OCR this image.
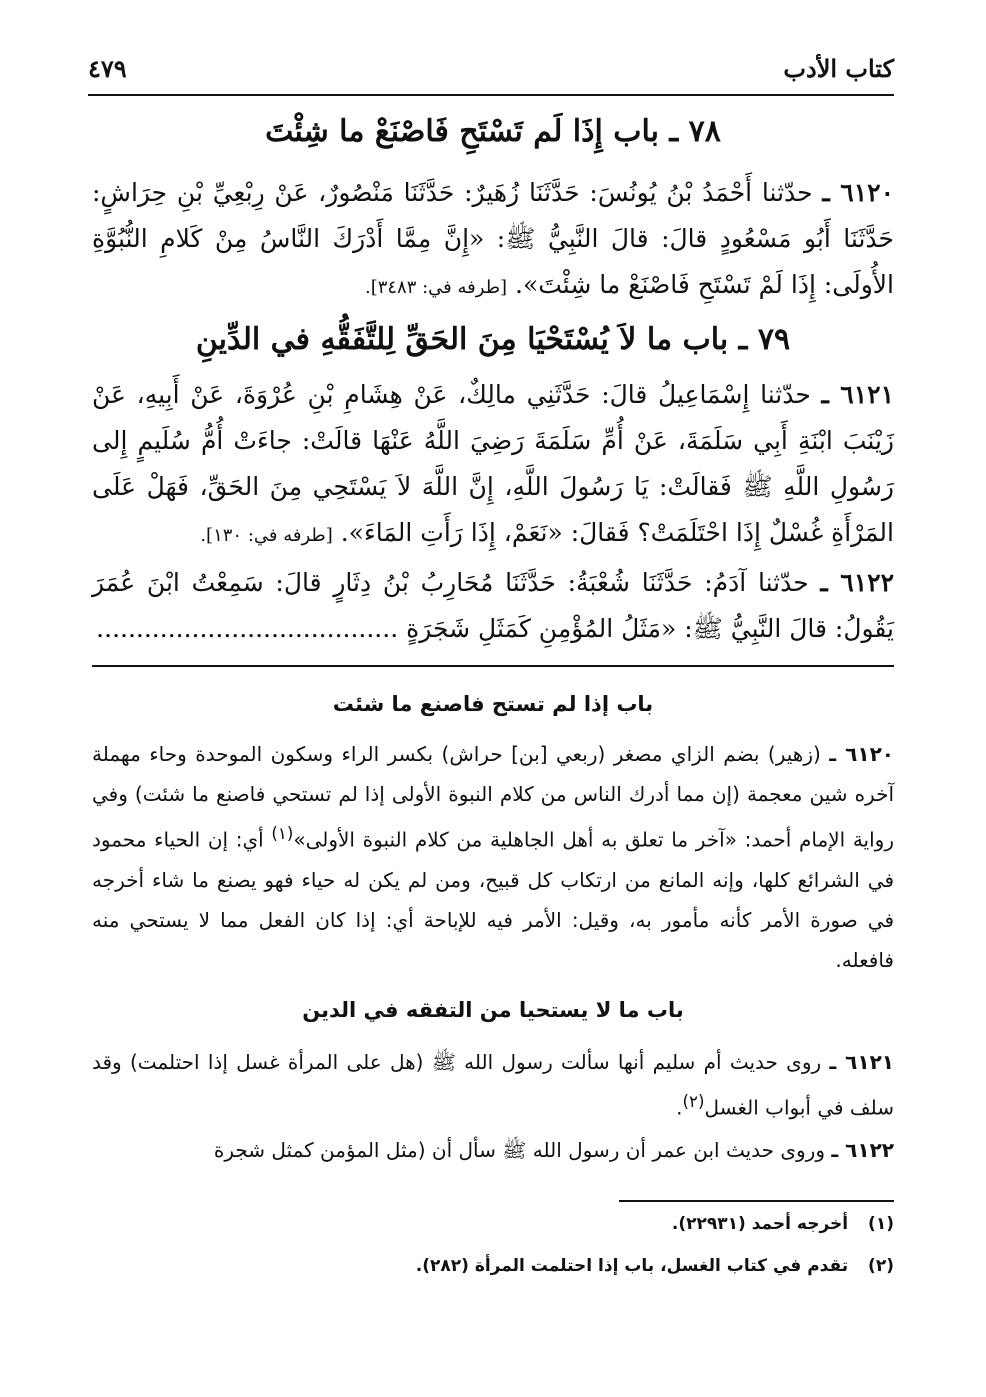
كتاب الأدب
٤٧٩
٧٨ ـ باب إِذَا لَم تَسْتَحِ فَاصْنَعْ ما شِئْتَ
٦١٢٠ ـ حدّثنا أَحْمَدُ بْنُ يُونُسَ: حَدَّثَنَا زُهَيرٌ: حَدَّثَنَا مَنْصُورٌ، عَنْ رِبْعِيِّ بْنِ حِرَاشٍ: حَدَّثَنَا أَبُو مَسْعُودٍ قالَ: قالَ النَّبِيُّ ﷺ: «إِنَّ مِمَّا أَدْرَكَ النَّاسُ مِنْ كَلامِ النُّبُوَّةِ الأُولَى: إِذَا لَمْ تَسْتَحِ فَاصْنَعْ ما شِئْتَ». [طرفه في: ٣٤٨٣].
٧٩ ـ باب ما لاَ يُسْتَحْيَا مِنَ الحَقِّ لِلتَّفَقُّهِ في الدِّينِ
٦١٢١ ـ حدّثنا إِسْمَاعِيلُ قالَ: حَدَّثَنِي مالِكٌ، عَنْ هِشَامِ بْنِ عُرْوَةَ، عَنْ أَبِيهِ، عَنْ زَيْنَبَ ابْنَةِ أَبِي سَلَمَةَ، عَنْ أُمِّ سَلَمَةَ رَضِيَ اللَّهُ عَنْهَا قالَتْ: جاءَتْ أُمُّ سُلَيمٍ إِلى رَسُولِ اللَّهِ ﷺ فَقالَتْ: يَا رَسُولَ اللَّهِ، إِنَّ اللَّهَ لاَ يَسْتَحِي مِنَ الحَقِّ، فَهَلْ عَلَى المَرْأَةِ غُسْلٌ إِذَا احْتَلَمَتْ؟ فَقالَ: «نَعَمْ، إِذَا رَأَتِ المَاءَ». [طرفه في: ١٣٠].
٦١٢٢ ـ حدّثنا آدَمُ: حَدَّثَنَا شُعْبَةُ: حَدَّثَنَا مُحَارِبُ بْنُ دِثَارٍ قالَ: سَمِعْتُ ابْنَ عُمَرَ يَقُولُ: قالَ النَّبِيُّ ﷺ: «مَثَلُ المُؤْمِنِ كَمَثَلِ شَجَرَةٍ ......................................
باب إذا لم تستح فاصنع ما شئت
٦١٢٠ ـ (زهير) بضم الزاي مصغر (ربعي [بن] حراش) بكسر الراء وسكون الموحدة وحاء مهملة آخره شين معجمة (إن مما أدرك الناس من كلام النبوة الأولى إذا لم تستحي فاصنع ما شئت) وفي رواية الإمام أحمد: «آخر ما تعلق به أهل الجاهلية من كلام النبوة الأولى»$^{(١)}$ أي: إن الحياء محمود في الشرائع كلها، وإنه المانع من ارتكاب كل قبيح، ومن لم يكن له حياء فهو يصنع ما شاء أخرجه في صورة الأمر كأنه مأمور به، وقيل: الأمر فيه للإباحة أي: إذا كان الفعل مما لا يستحي منه فافعله.
باب ما لا يستحيا من التفقه في الدين
٦١٢١ ـ روى حديث أم سليم أنها سألت رسول الله ﷺ (هل على المرأة غسل إذا احتلمت) وقد سلف في أبواب الغسل$^{(٢)}$.
٦١٢٢ ـ وروى حديث ابن عمر أن رسول الله ﷺ سأل أن (مثل المؤمن كمثل شجرة
(١) أخرجه أحمد (٢٢٩٣١).
(٢) تقدم في كتاب الغسل، باب إذا احتلمت المرأة (٢٨٢).
